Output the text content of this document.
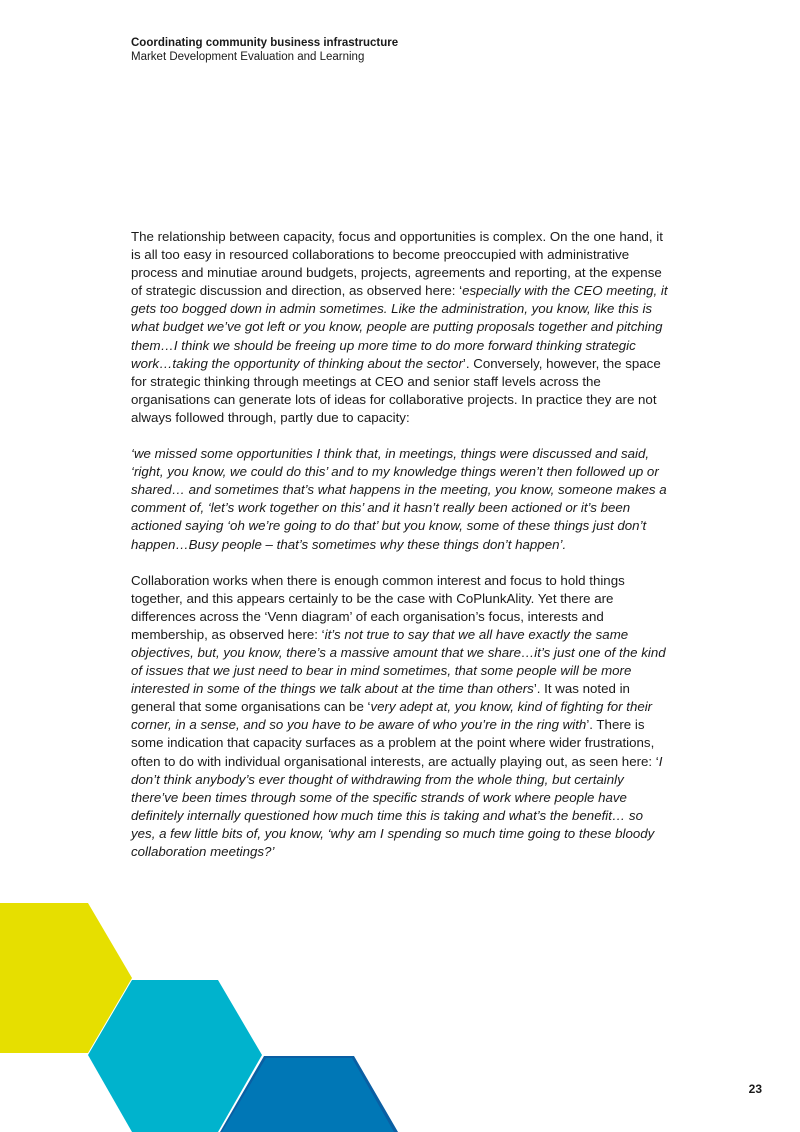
Coordinating community business infrastructure
Market Development Evaluation and Learning

The relationship between capacity, focus and opportunities is complex. On the one hand, it is all too easy in resourced collaborations to become preoccupied with administrative process and minutiae around budgets, projects, agreements and reporting, at the expense of strategic discussion and direction, as observed here: ‘especially with the CEO meeting, it gets too bogged down in admin sometimes. Like the administration, you know, like this is what budget we’ve got left or you know, people are putting proposals together and pitching them…I think we should be freeing up more time to do more forward thinking strategic work…taking the opportunity of thinking about the sector’. Conversely, however, the space for strategic thinking through meetings at CEO and senior staff levels across the organisations can generate lots of ideas for collaborative projects. In practice they are not always followed through, partly due to capacity:

‘we missed some opportunities I think that, in meetings, things were discussed and said, ‘right, you know, we could do this’ and to my knowledge things weren’t then followed up or shared… and sometimes that’s what happens in the meeting, you know, someone makes a comment of, ‘let’s work together on this’ and it hasn’t really been actioned or it’s been actioned saying ‘oh we’re going to do that’ but you know, some of these things just don’t happen…Busy people – that’s sometimes why these things don’t happen’.

Collaboration works when there is enough common interest and focus to hold things together, and this appears certainly to be the case with CoPlunkAlity. Yet there are differences across the ‘Venn diagram’ of each organisation’s focus, interests and membership, as observed here: ‘it’s not true to say that we all have exactly the same objectives, but, you know, there’s a massive amount that we share…it’s just one of the kind of issues that we just need to bear in mind sometimes, that some people will be more interested in some of the things we talk about at the time than others’. It was noted in general that some organisations can be ‘very adept at, you know, kind of fighting for their corner, in a sense, and so you have to be aware of who you’re in the ring with’. There is some indication that capacity surfaces as a problem at the point where wider frustrations, often to do with individual organisational interests, are actually playing out, as seen here: ‘I don’t think anybody’s ever thought of withdrawing from the whole thing, but certainly there’ve been times through some of the specific strands of work where people have definitely internally questioned how much time this is taking and what’s the benefit… so yes, a few little bits of, you know, ‘why am I spending so much time going to these bloody collaboration meetings?’

23
